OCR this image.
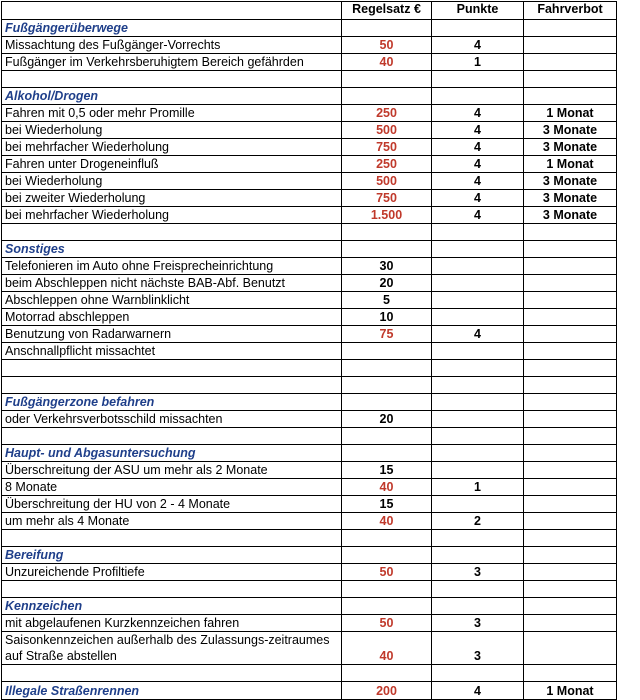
	Regelsatz €	Punkte	Fahrverbot
Fußgängerüberwege			
Missachtung des Fußgänger-Vorrechts	50	4	
Fußgänger im Verkehrsberuhigtem Bereich gefährden	40	1	

Alkohol/Drogen			
Fahren mit 0,5 oder mehr Promille	250	4	1 Monat
bei Wiederholung	500	4	3 Monate
bei mehrfacher Wiederholung	750	4	3 Monate
Fahren unter Drogeneinfluß	250	4	1 Monat
bei Wiederholung	500	4	3 Monate
bei zweiter Wiederholung	750	4	3 Monate
bei mehrfacher Wiederholung	1.500	4	3 Monate

Sonstiges			
Telefonieren im Auto ohne Freisprecheinrichtung	30		
beim Abschleppen nicht nächste BAB-Abf. Benutzt	20		
Abschleppen ohne Warnblinklicht	5		
Motorrad abschleppen	10		
Benutzung von Radarwarnern	75	4	
Anschnallpflicht missachtet			

Fußgängerzone befahren			
oder Verkehrsverbotsschild missachten	20		

Haupt- und Abgasuntersuchung			
Überschreitung der ASU um mehr als 2 Monate	15		
8 Monate	40	1	
Überschreitung der HU von 2 - 4 Monate	15		
um mehr als 4 Monate	40	2	

Bereifung			
Unzureichende Profiltiefe	50	3	

Kennzeichen			
mit abgelaufenen Kurzkennzeichen fahren	50	3	
Saisonkennzeichen außerhalb des Zulassungs-zeitraumes auf Straße abstellen	40	3	

Illegale Straßenrennen	200	4	1 Monat
